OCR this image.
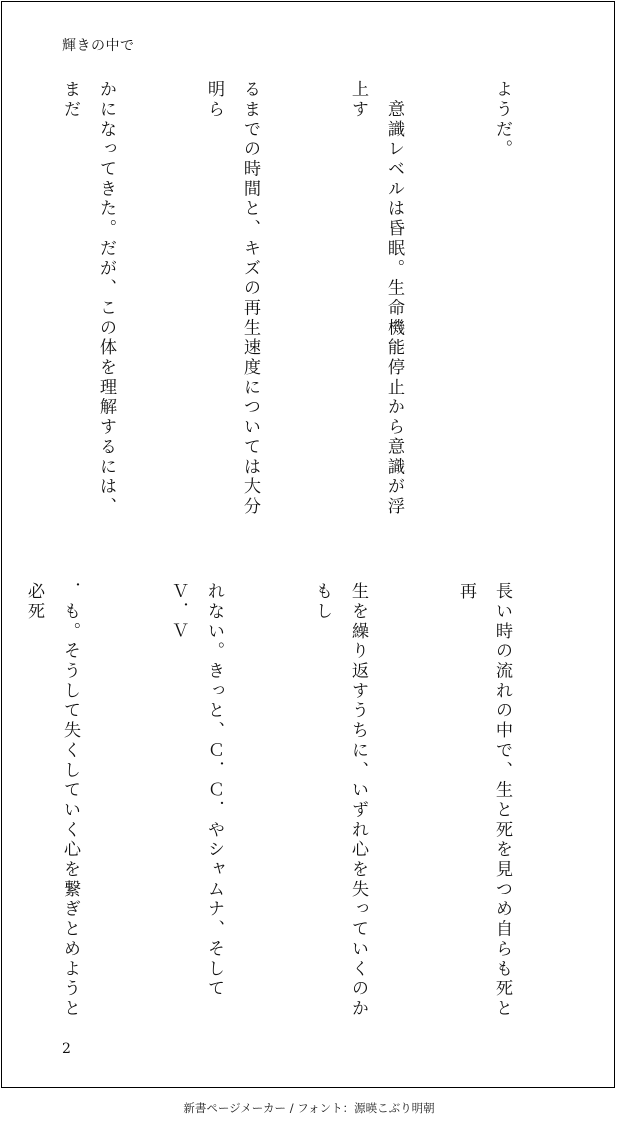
輝きの中で

ようだ。

　意識レベルは昏眠。生命機能停止から意識が浮上す

るまでの時間と、キズの再生速度については大分明ら

かになってきた。だが、この体を理解するには、まだ

長い時の流れの中で、生と死を見つめ自らも死と再

生を繰り返すうちに、いずれ心を失っていくのかもし

れない。きっと、Ｃ．Ｃ．やシャムナ、そしてＶ．Ｖ

．も。そうして失くしていく心を繋ぎとめようと必死

2
新書ページメーカー / フォント：源暎こぶり明朝
